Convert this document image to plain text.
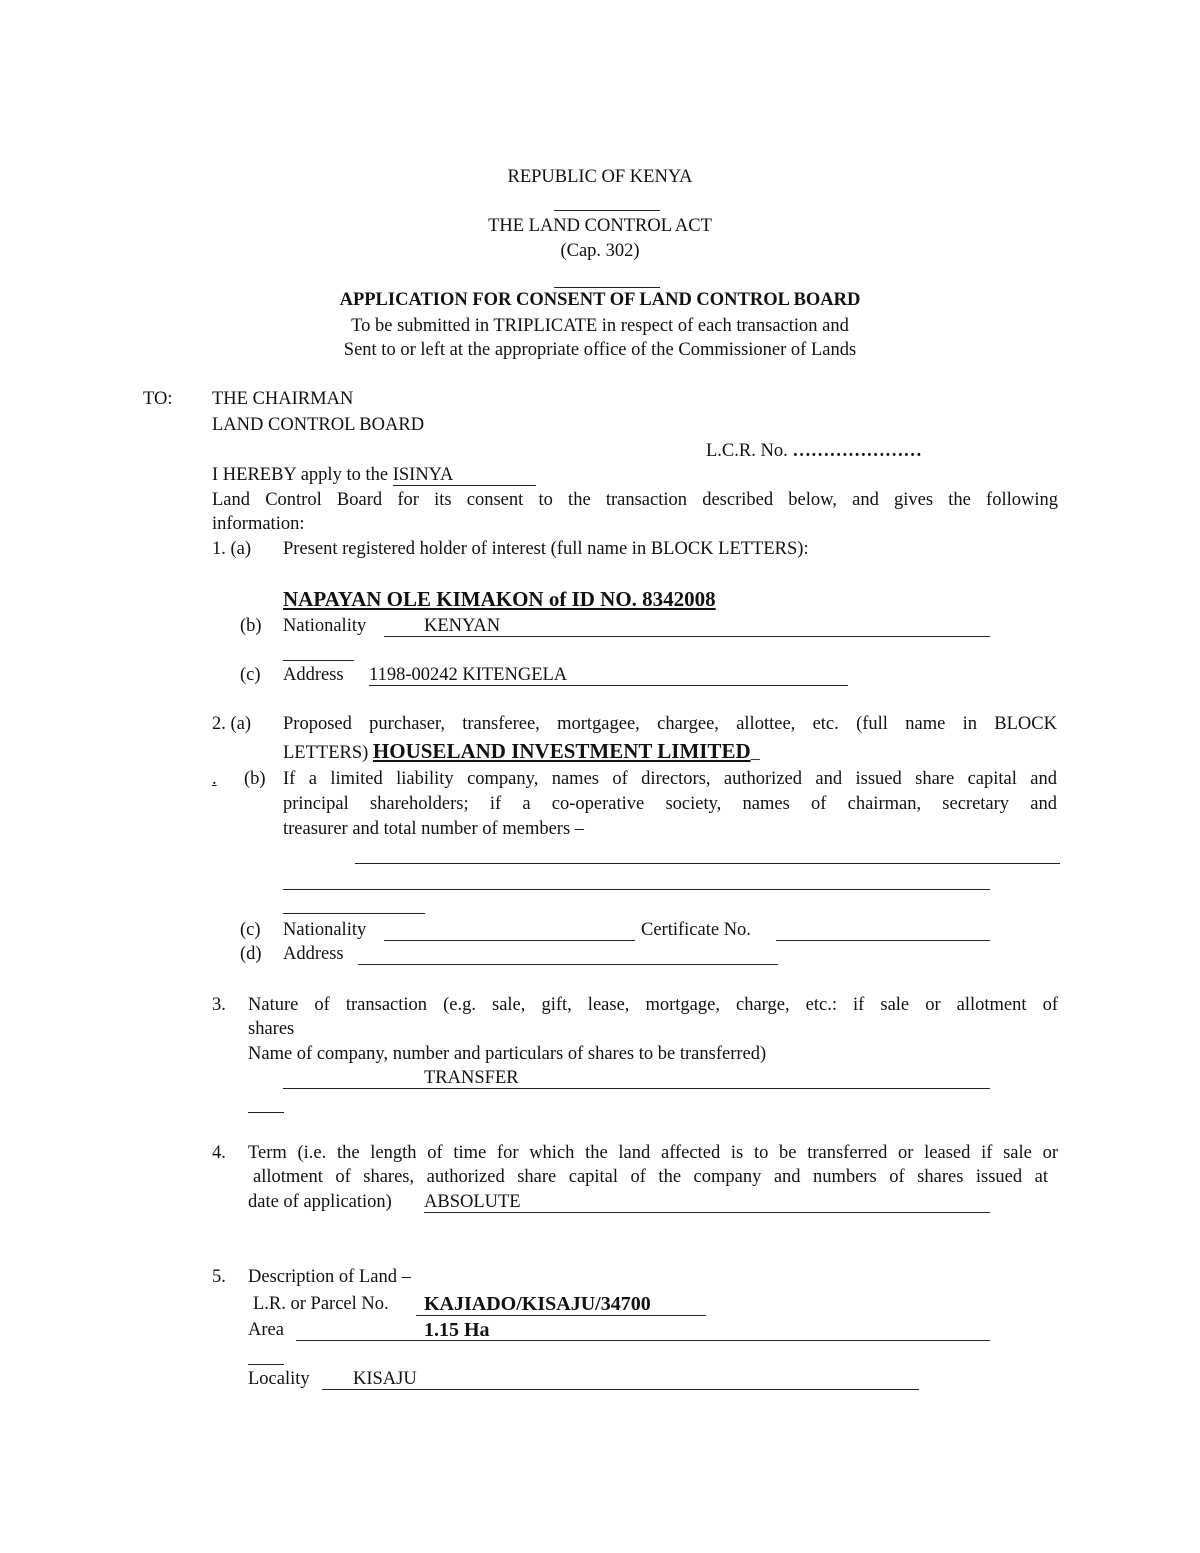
REPUBLIC OF KENYA
THE LAND CONTROL ACT
(Cap. 302)
APPLICATION FOR CONSENT OF LAND CONTROL BOARD
To be submitted in TRIPLICATE in respect of each transaction and
Sent to or left at the appropriate office of the Commissioner of Lands
TO: THE CHAIRMAN
LAND CONTROL BOARD
L.C.R. No. …………………
I HEREBY apply to the ISINYA
Land Control Board for its consent to the transaction described below, and gives the following
information:
1. (a) Present registered holder of interest (full name in BLOCK LETTERS):
NAPAYAN OLE KIMAKON of ID NO. 8342008
(b) Nationality	KENYAN
(c) Address 1198-00242 KITENGELA
2. (a) Proposed purchaser, transferee, mortgagee, chargee, allottee, etc. (full name in BLOCK
LETTERS) HOUSELAND INVESTMENT LIMITED
. (b) If a limited liability company, names of directors, authorized and issued share capital and
principal shareholders; if a co-operative society, names of chairman, secretary and
treasurer and total number of members –
(c) Nationality	Certificate No.
(d) Address
3. Nature of transaction (e.g. sale, gift, lease, mortgage, charge, etc.: if sale or allotment of
shares
Name of company, number and particulars of shares to be transferred)
TRANSFER
4. Term (i.e. the length of time for which the land affected is to be transferred or leased if sale or
allotment of shares, authorized share capital of the company and numbers of shares issued at
date of application) ABSOLUTE
5. Description of Land –
L.R. or Parcel No. KAJIADO/KISAJU/34700
Area	1.15 Ha
Locality KISAJU
